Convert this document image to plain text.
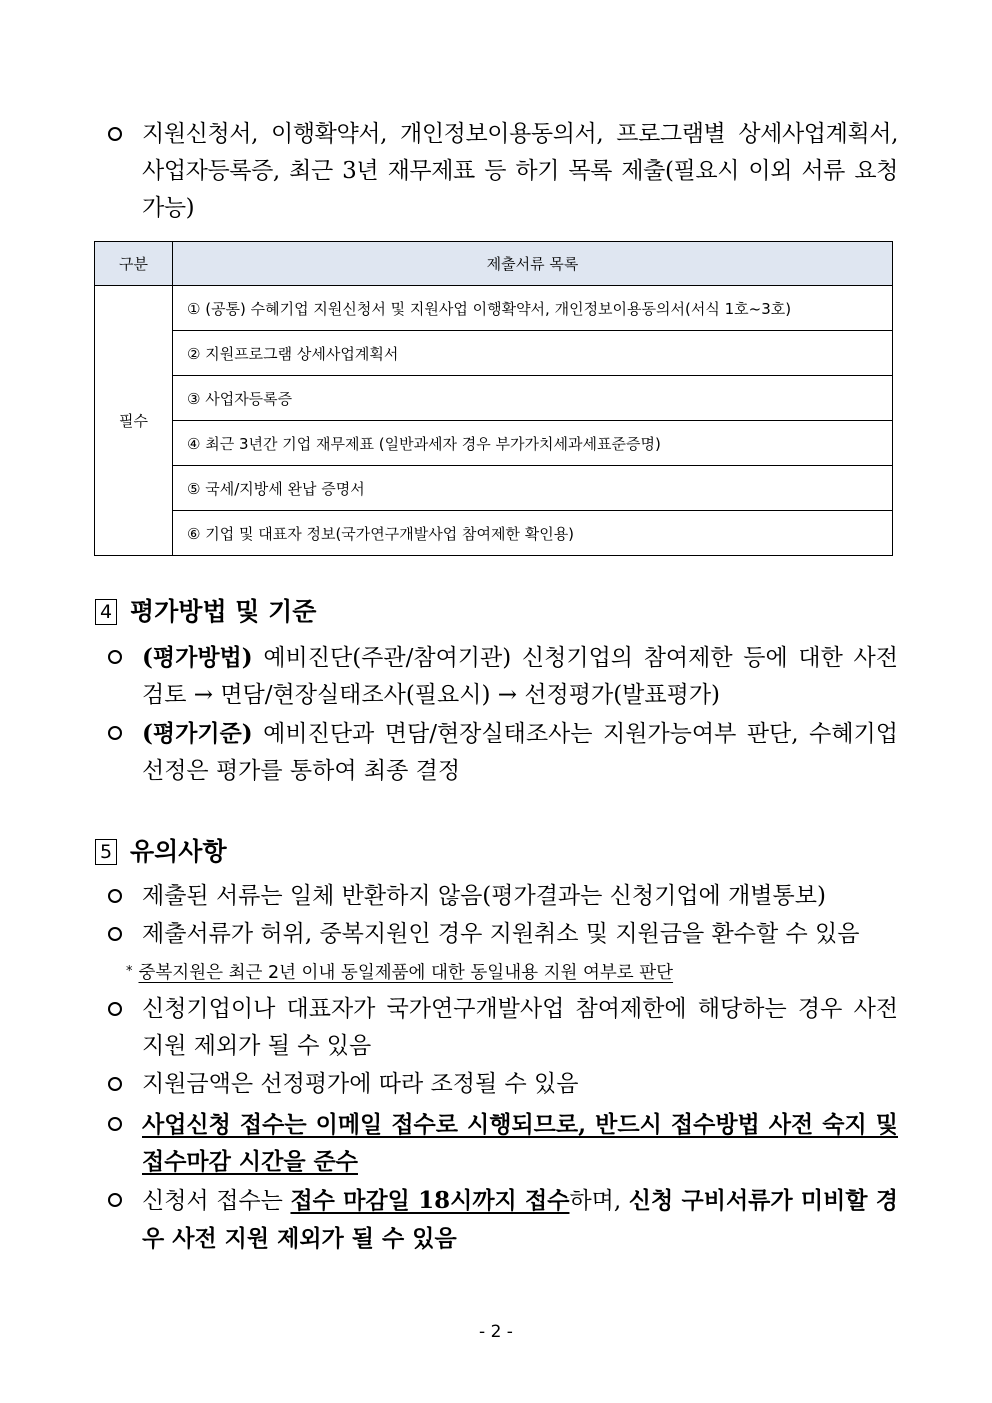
지원신청서, 이행확약서, 개인정보이용동의서, 프로그램별 상세사업계획서, 사업자등록증, 최근 3년 재무제표 등 하기 목록 제출(필요시 이외 서류 요청 가능)
구분	제출서류 목록
필수	① (공통) 수혜기업 지원신청서 및 지원사업 이행확약서, 개인정보이용동의서(서식 1호~3호)
	② 지원프로그램 상세사업계획서
	③ 사업자등록증
	④ 최근 3년간 기업 재무제표 (일반과세자 경우 부가가치세과세표준증명)
	⑤ 국세/지방세 완납 증명서
	⑥ 기업 및 대표자 정보(국가연구개발사업 참여제한 확인용)
4 평가방법 및 기준
(평가방법) 예비진단(주관/참여기관) 신청기업의 참여제한 등에 대한 사전검토 → 면담/현장실태조사(필요시) → 선정평가(발표평가)
(평가기준) 예비진단과 면담/현장실태조사는 지원가능여부 판단, 수혜기업 선정은 평가를 통하여 최종 결정
5 유의사항
제출된 서류는 일체 반환하지 않음(평가결과는 신청기업에 개별통보)
제출서류가 허위, 중복지원인 경우 지원취소 및 지원금을 환수할 수 있음
* 중복지원은 최근 2년 이내 동일제품에 대한 동일내용 지원 여부로 판단
신청기업이나 대표자가 국가연구개발사업 참여제한에 해당하는 경우 사전 지원 제외가 될 수 있음
지원금액은 선정평가에 따라 조정될 수 있음
사업신청 접수는 이메일 접수로 시행되므로, 반드시 접수방법 사전 숙지 및 접수마감 시간을 준수
신청서 접수는 접수 마감일 18시까지 접수하며, 신청 구비서류가 미비할 경우 사전 지원 제외가 될 수 있음
- 2 -
